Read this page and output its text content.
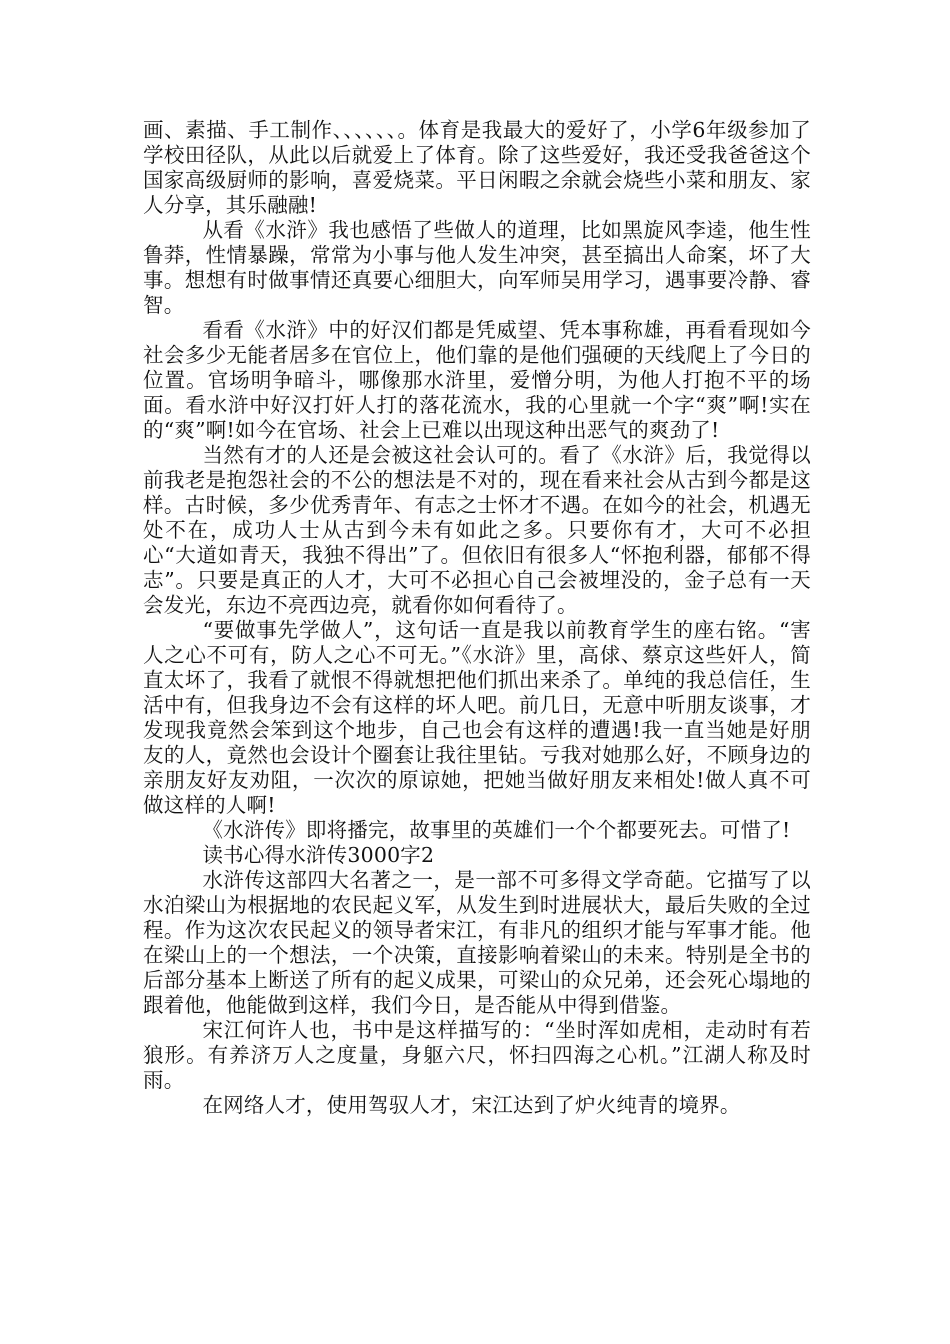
画、素描、手工制作、、、、、、。体育是我最大的爱好了，小学6年级参加了学校田径队，从此以后就爱上了体育。除了这些爱好，我还受我爸爸这个国家高级厨师的影响，喜爱烧菜。平日闲暇之余就会烧些小菜和朋友、家人分享，其乐融融!

从看《水浒》我也感悟了些做人的道理，比如黑旋风李逵，他生性鲁莽，性情暴躁，常常为小事与他人发生冲突，甚至搞出人命案，坏了大事。想想有时做事情还真要心细胆大，向军师吴用学习，遇事要冷静、睿智。

看看《水浒》中的好汉们都是凭威望、凭本事称雄，再看看现如今社会多少无能者居多在官位上，他们靠的是他们强硬的天线爬上了今日的位置。官场明争暗斗，哪像那水浒里，爱憎分明，为他人打抱不平的场面。看水浒中好汉打奸人打的落花流水，我的心里就一个字“爽”啊!实在的“爽”啊!如今在官场、社会上已难以出现这种出恶气的爽劲了!

当然有才的人还是会被这社会认可的。看了《水浒》后，我觉得以前我老是抱怨社会的不公的想法是不对的，现在看来社会从古到今都是这样。古时候，多少优秀青年、有志之士怀才不遇。在如今的社会，机遇无处不在，成功人士从古到今未有如此之多。只要你有才，大可不必担心“大道如青天，我独不得出”了。但依旧有很多人“怀抱利器，郁郁不得志”。只要是真正的人才，大可不必担心自己会被埋没的，金子总有一天会发光，东边不亮西边亮，就看你如何看待了。

“要做事先学做人”，这句话一直是我以前教育学生的座右铭。“害人之心不可有，防人之心不可无。”《水浒》里，高俅、蔡京这些奸人，简直太坏了，我看了就恨不得就想把他们抓出来杀了。单纯的我总信任，生活中有，但我身边不会有这样的坏人吧。前几日，无意中听朋友谈事，才发现我竟然会笨到这个地步，自己也会有这样的遭遇!我一直当她是好朋友的人，竟然也会设计个圈套让我往里钻。亏我对她那么好，不顾身边的亲朋友好友劝阻，一次次的原谅她，把她当做好朋友来相处!做人真不可做这样的人啊!

《水浒传》即将播完，故事里的英雄们一个个都要死去。可惜了!

读书心得水浒传3000字2

水浒传这部四大名著之一，是一部不可多得文学奇葩。它描写了以水泊梁山为根据地的农民起义军，从发生到时进展状大，最后失败的全过程。作为这次农民起义的领导者宋江，有非凡的组织才能与军事才能。他在梁山上的一个想法，一个决策，直接影响着梁山的未来。特别是全书的后部分基本上断送了所有的起义成果，可梁山的众兄弟，还会死心塌地的跟着他，他能做到这样，我们今日，是否能从中得到借鉴。

宋江何许人也，书中是这样描写的：“坐时浑如虎相，走动时有若狼形。有养济万人之度量，身躯六尺，怀扫四海之心机。”江湖人称及时雨。

在网络人才，使用驾驭人才，宋江达到了炉火纯青的境界。
